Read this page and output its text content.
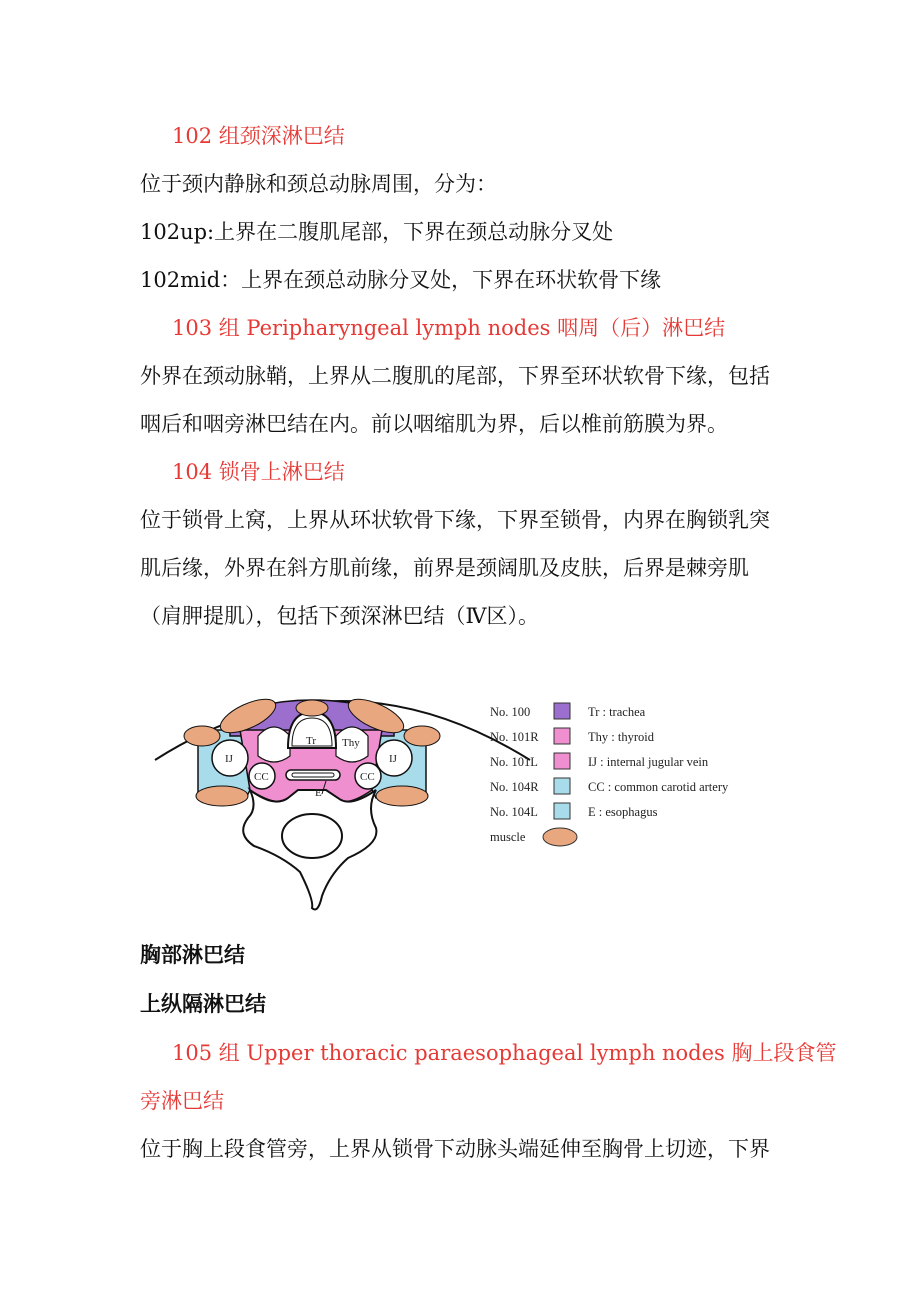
102 组颈深淋巴结

位于颈内静脉和颈总动脉周围，分为：

102up:上界在二腹肌尾部，下界在颈总动脉分叉处

102mid：上界在颈总动脉分叉处，下界在环状软骨下缘

103 组 Peripharyngeal lymph nodes 咽周（后）淋巴结

外界在颈动脉鞘，上界从二腹肌的尾部，下界至环状软骨下缘，包括

咽后和咽旁淋巴结在内。前以咽缩肌为界，后以椎前筋膜为界。

104 锁骨上淋巴结

位于锁骨上窝，上界从环状软骨下缘，下界至锁骨，内界在胸锁乳突

肌后缘，外界在斜方肌前缘，前界是颈阔肌及皮肤，后界是棘旁肌

（肩胛提肌），包括下颈深淋巴结（Ⅳ区）。

Tr Thy
IJ	IJ
CC	CC
E
No. 100	Tr : trachea
No. 101R	Thy : thyroid
No. 101L	IJ : internal jugular vein
No. 104R	CC : common carotid artery
No. 104L	E : esophagus
muscle

胸部淋巴结

上纵隔淋巴结

105 组 Upper thoracic paraesophageal lymph nodes 胸上段食管

旁淋巴结

位于胸上段食管旁，上界从锁骨下动脉头端延伸至胸骨上切迹，下界
